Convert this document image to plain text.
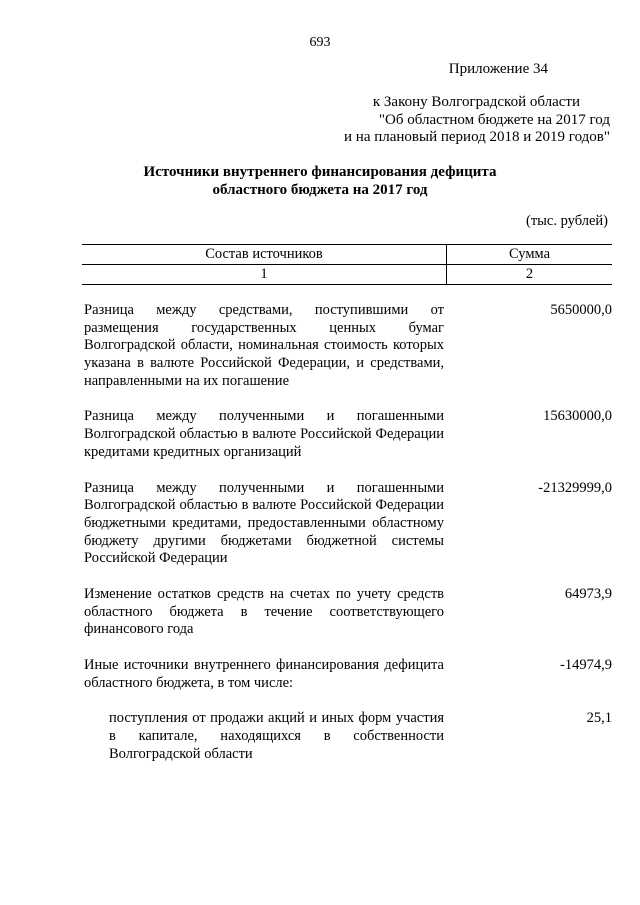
693
Приложение 34
к Закону Волгоградской области
"Об областном бюджете на 2017 год
и на плановый период 2018 и 2019 годов"
Источники внутреннего финансирования дефицита
областного бюджета на 2017 год
(тыс. рублей)
Состав источников	Сумма
1	2
Разница между средствами, поступившими от размещения государственных ценных бумаг Волгоградской области, номинальная стоимость которых указана в валюте Российской Федерации, и средствами, направленными на их погашение
5650000,0
Разница между полученными и погашенными Волгоградской областью в валюте Российской Федерации кредитами кредитных организаций
15630000,0
Разница между полученными и погашенными Волгоградской областью в валюте Российской Федерации бюджетными кредитами, предоставленными областному бюджету другими бюджетами бюджетной системы Российской Федерации
-21329999,0
Изменение остатков средств на счетах по учету средств областного бюджета в течение соответствующего финансового года
64973,9
Иные источники внутреннего финансирования дефицита областного бюджета, в том числе:
-14974,9
поступления от продажи акций и иных форм участия в капитале, находящихся в собственности Волгоградской области
25,1
